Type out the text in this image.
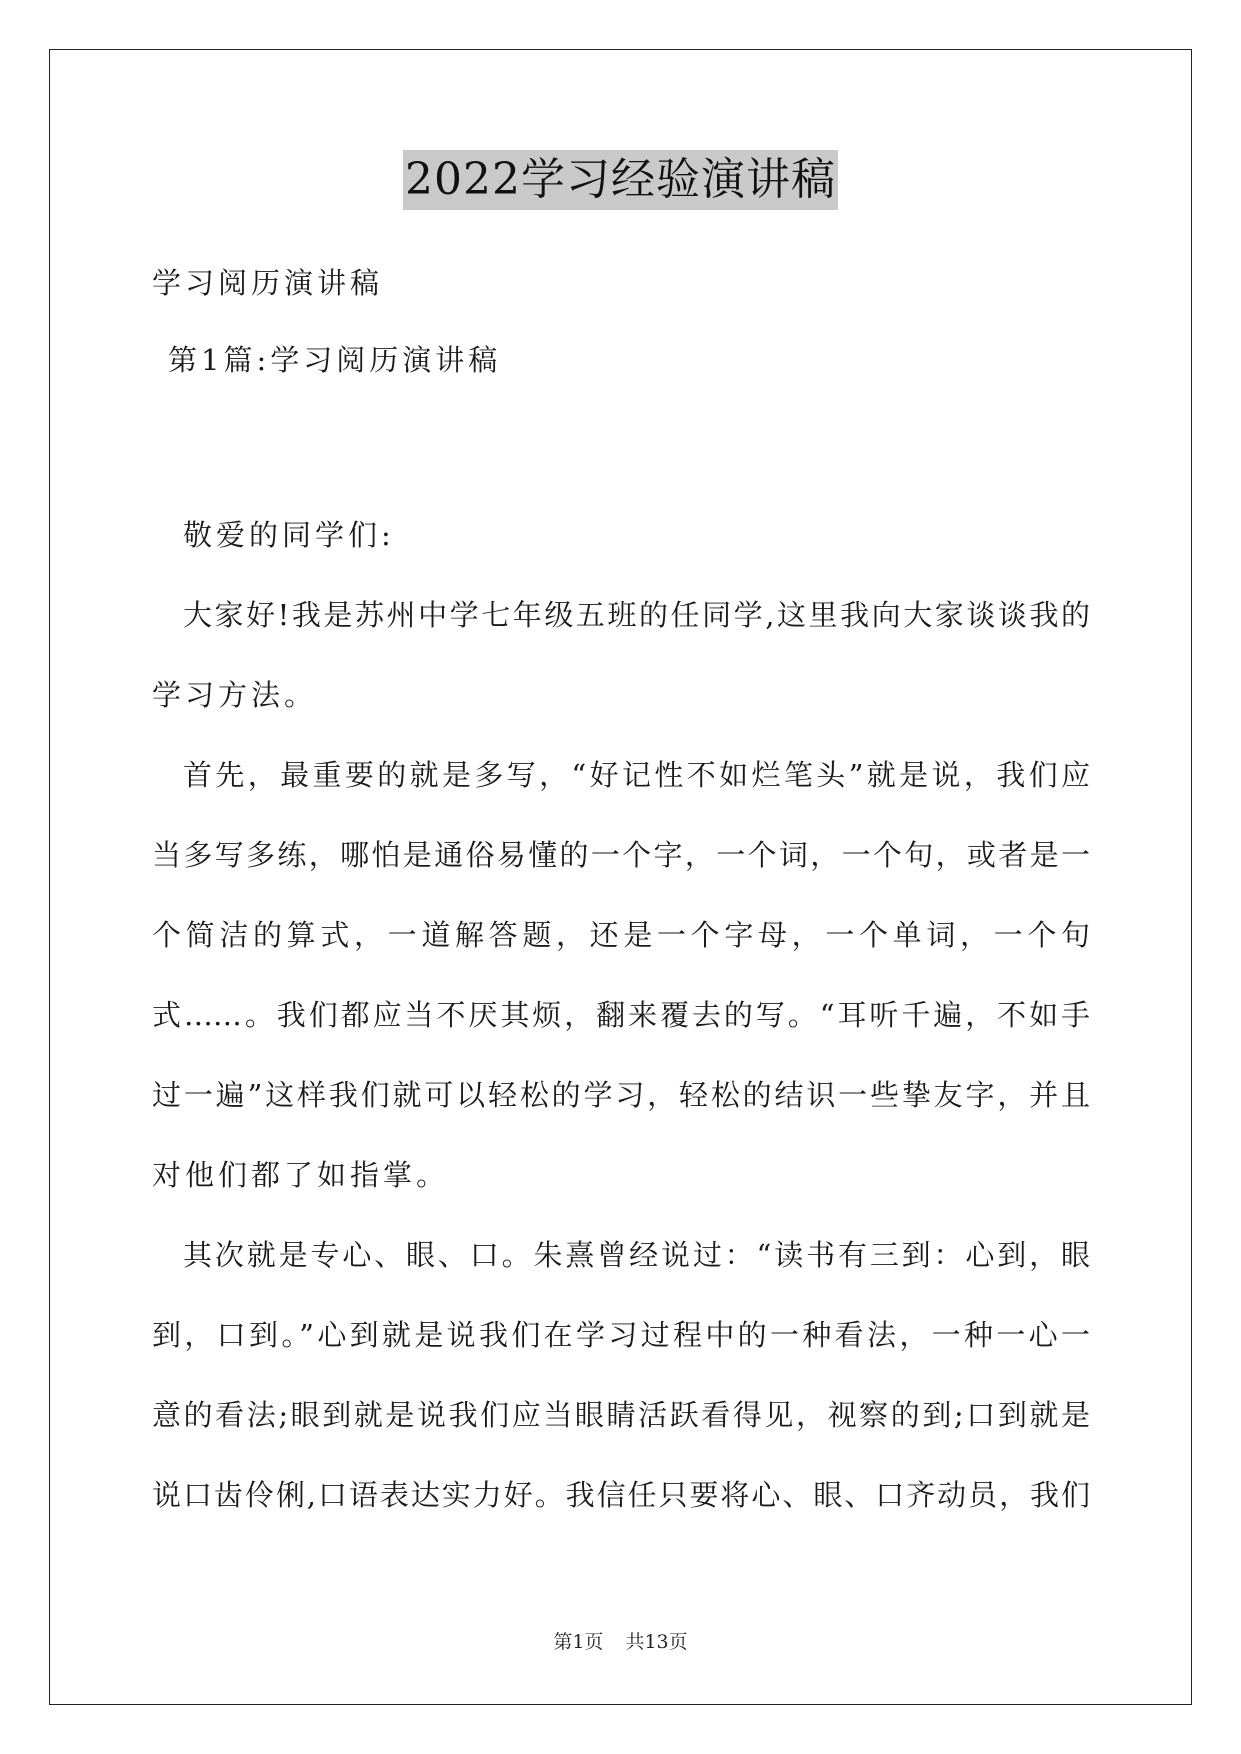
2022学习经验演讲稿
学习阅历演讲稿
第1篇:学习阅历演讲稿
敬爱的同学们:
大家好!我是苏州中学七年级五班的任同学,这里我向大家谈谈我的
学习方法。
首先，最重要的就是多写，“好记性不如烂笔头”就是说，我们应
当多写多练，哪怕是通俗易懂的一个字，一个词，一个句，或者是一
个简洁的算式，一道解答题，还是一个字母，一个单词，一个句
式……。我们都应当不厌其烦，翻来覆去的写。“耳听千遍，不如手
过一遍”这样我们就可以轻松的学习，轻松的结识一些挚友字，并且
对他们都了如指掌。
其次就是专心、眼、口。朱熹曾经说过：“读书有三到：心到，眼
到，口到。”心到就是说我们在学习过程中的一种看法，一种一心一
意的看法;眼到就是说我们应当眼睛活跃看得见，视察的到;口到就是
说口齿伶俐,口语表达实力好。我信任只要将心、眼、口齐动员，我们
第1页 共13页
